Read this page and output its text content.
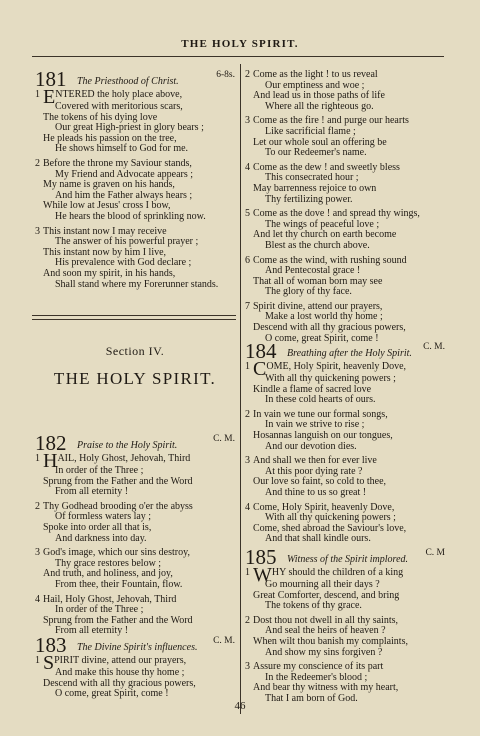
THE HOLY SPIRIT.
181 The Priesthood of Christ.
6-8s.
1 ENTERED the holy place above,
Covered with meritorious scars,
The tokens of his dying love
Our great High-priest in glory bears ;
He pleads his passion on the tree,
He shows himself to God for me.
2 Before the throne my Saviour stands,
My Friend and Advocate appears ;
My name is graven on his hands,
And him the Father always hears ;
While low at Jesus' cross I bow,
He hears the blood of sprinkling now.
3 This instant now I may receive
The answer of his powerful prayer ;
This instant now by him I live,
His prevalence with God declare ;
And soon my spirit, in his hands,
Shall stand where my Forerunner stands.
Section IV.
THE HOLY SPIRIT.
182 Praise to the Holy Spirit.
C. M.
1 HAIL, Holy Ghost, Jehovah, Third
In order of the Three ;
Sprung from the Father and the Word
From all eternity !
2 Thy Godhead brooding o'er the abyss
Of formless waters lay ;
Spoke into order all that is,
And darkness into day.
3 God's image, which our sins destroy,
Thy grace restores below ;
And truth, and holiness, and joy,
From thee, their Fountain, flow.
4 Hail, Holy Ghost, Jehovah, Third
In order of the Three ;
Sprung from the Father and the Word
From all eternity !
183 The Divine Spirit's influences.
C. M.
1 SPIRIT divine, attend our prayers,
And make this house thy home ;
Descend with all thy gracious powers,
O come, great Spirit, come !
2 Come as the light ! to us reveal
Our emptiness and woe ;
And lead us in those paths of life
Where all the righteous go.
3 Come as the fire ! and purge our hearts
Like sacrificial flame ;
Let our whole soul an offering be
To our Redeemer's name.
4 Come as the dew ! and sweetly bless
This consecrated hour ;
May barrenness rejoice to own
Thy fertilizing power.
5 Come as the dove ! and spread thy wings,
The wings of peaceful love ;
And let thy church on earth become
Blest as the church above.
6 Come as the wind, with rushing sound
And Pentecostal grace !
That all of woman born may see
The glory of thy face.
7 Spirit divine, attend our prayers,
Make a lost world thy home ;
Descend with all thy gracious powers,
O come, great Spirit, come !
184 Breathing after the Holy Spirit.
C. M.
1 COME, Holy Spirit, heavenly Dove,
With all thy quickening powers ;
Kindle a flame of sacred love
In these cold hearts of ours.
2 In vain we tune our formal songs,
In vain we strive to rise ;
Hosannas languish on our tongues,
And our devotion dies.
3 And shall we then for ever live
At this poor dying rate ?
Our love so faint, so cold to thee,
And thine to us so great !
4 Come, Holy Spirit, heavenly Dove,
With all thy quickening powers ;
Come, shed abroad the Saviour's love,
And that shall kindle ours.
185 Witness of the Spirit implored.
C. M
1 WHY should the children of a king
Go mourning all their days ?
Great Comforter, descend, and bring
The tokens of thy grace.
2 Dost thou not dwell in all thy saints,
And seal the heirs of heaven ?
When wilt thou banish my complaints,
And show my sins forgiven ?
3 Assure my conscience of its part
In the Redeemer's blood ;
And bear thy witness with my heart,
That I am born of God.
46
